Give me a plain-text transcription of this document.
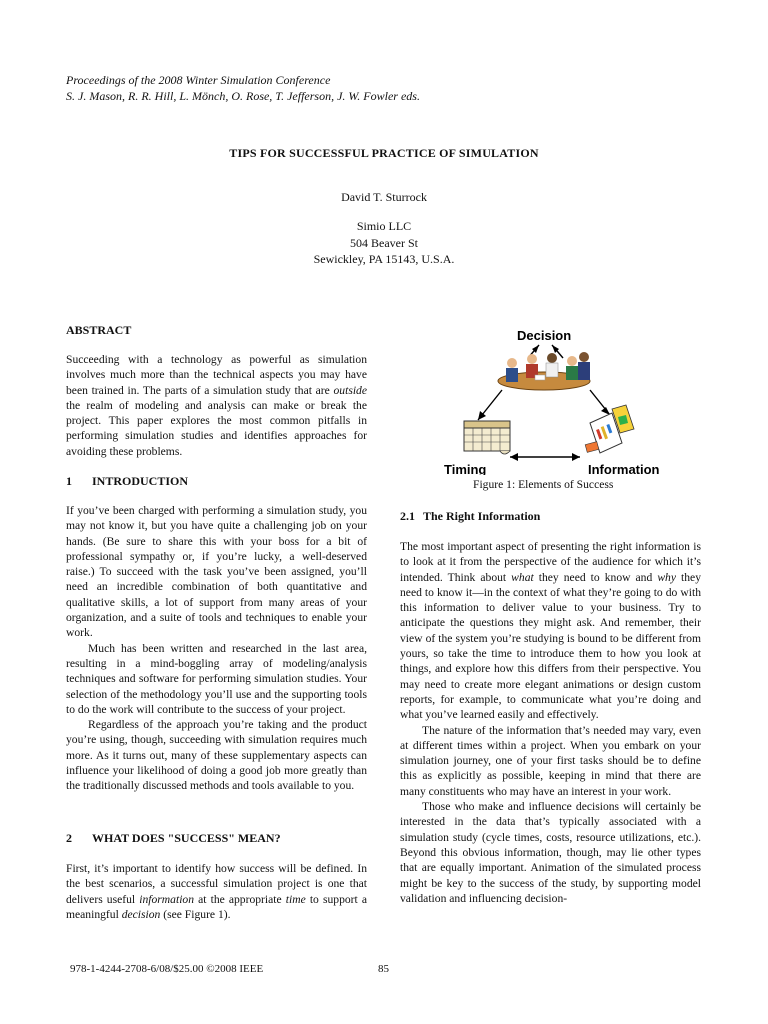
Proceedings of the 2008 Winter Simulation Conference
S. J. Mason, R. R. Hill, L. Mönch, O. Rose, T. Jefferson, J. W. Fowler eds.
TIPS FOR SUCCESSFUL PRACTICE OF SIMULATION
David T. Sturrock
Simio LLC
504 Beaver St
Sewickley, PA 15143, U.S.A.
ABSTRACT

Succeeding with a technology as powerful as simulation involves much more than the technical aspects you may have been trained in. The parts of a simulation study that are outside the realm of modeling and analysis can make or break the project. This paper explores the most common pitfalls in performing simulation studies and identifies approaches for avoiding these problems.

1 INTRODUCTION

If you’ve been charged with performing a simulation study, you may not know it, but you have quite a challenging job on your hands. (Be sure to share this with your boss for a bit of professional sympathy or, if you’re lucky, a well-deserved raise.) To succeed with the task you’ve been assigned, you’ll need an incredible combination of both quantitative and qualitative skills, a lot of support from many areas of your organization, and a suite of tools and techniques to enable your work.

Much has been written and researched in the last area, resulting in a mind-boggling array of modeling/analysis techniques and software for performing simulation studies. Your selection of the methodology you’ll use and the supporting tools to do the work will contribute to the success of your project.

Regardless of the approach you’re taking and the product you’re using, though, succeeding with simulation requires much more. As it turns out, many of these supplementary aspects can influence your likelihood of doing a good job more greatly than the traditionally discussed methods and tools available to you.

2 WHAT DOES "SUCCESS" MEAN?

First, it’s important to identify how success will be defined. In the best scenarios, a successful simulation project is one that delivers useful information at the appropriate time to support a meaningful decision (see Figure 1).

Decision
Timing	Information
Figure 1: Elements of Success
2.1 The Right Information

The most important aspect of presenting the right information is to look at it from the perspective of the audience for which it’s intended. Think about what they need to know and why they need to know it—in the context of what they’re going to do with this information to deliver value to your business. Try to anticipate the questions they might ask. And remember, their view of the system you’re studying is bound to be different from yours, so take the time to introduce them to how you look at things, and explore how this differs from their perspective. You may need to create more elegant animations or design custom reports, for example, to communicate what you’re doing and what you’ve learned easily and effectively.

The nature of the information that’s needed may vary, even at different times within a project. When you embark on your simulation journey, one of your first tasks should be to define this as explicitly as possible, keeping in mind that there are many constituents who may have an interest in your work.

Those who make and influence decisions will certainly be interested in the data that’s typically associated with a simulation study (cycle times, costs, resource utilizations, etc.). Beyond this obvious information, though, may lie other types that are equally important. Animation of the simulated process might be key to the success of the study, by supporting model validation and influencing decision-

978-1-4244-2708-6/08/$25.00 ©2008 IEEE	85
